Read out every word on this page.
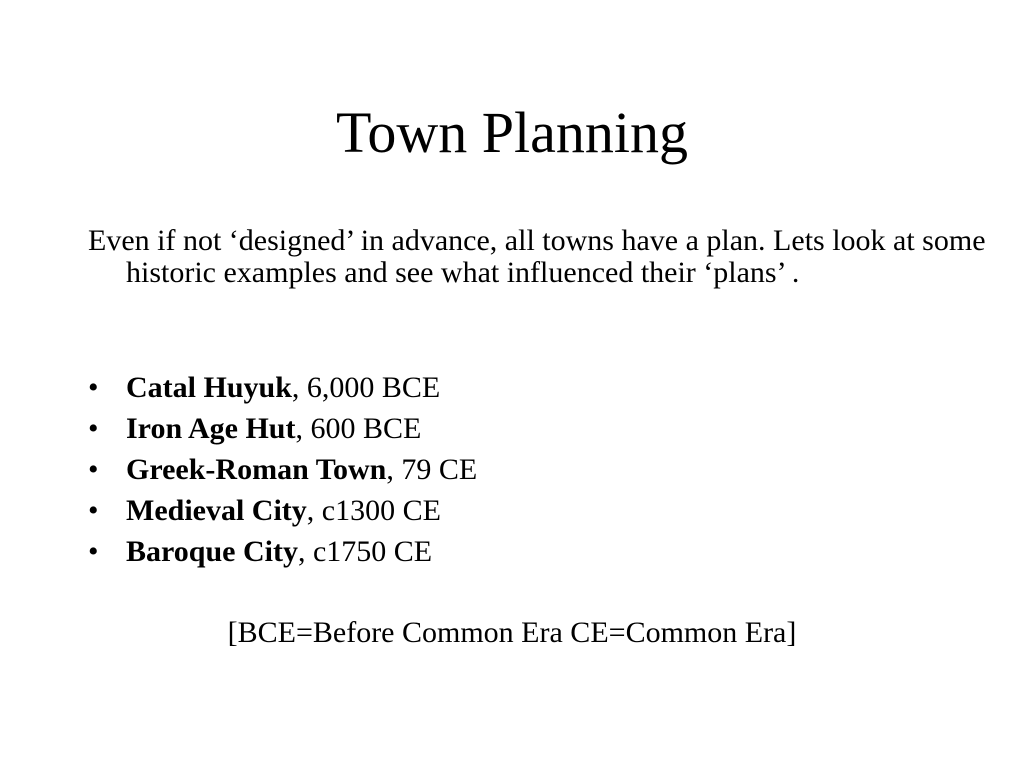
Town Planning
Even if not ‘designed’ in advance, all towns have a plan. Lets look at some historic examples and see what influenced their ‘plans’ .
• Catal Huyuk, 6,000 BCE
• Iron Age Hut, 600 BCE
• Greek-Roman Town, 79 CE
• Medieval City, c1300 CE
• Baroque City, c1750 CE
[BCE=Before Common Era CE=Common Era]
